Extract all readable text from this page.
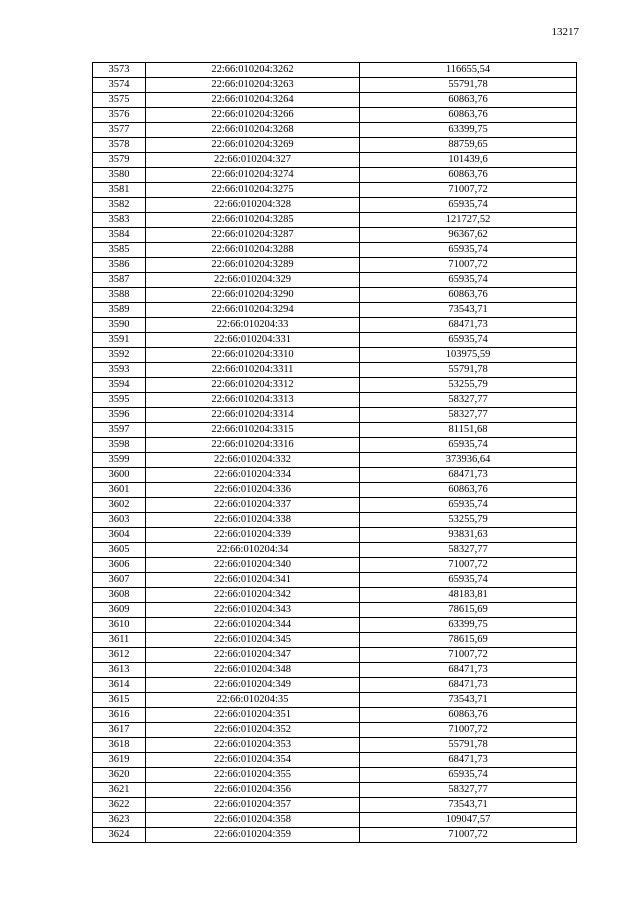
13217
3573	22:66:010204:3262	116655,54
3574	22:66:010204:3263	55791,78
3575	22:66:010204:3264	60863,76
3576	22:66:010204:3266	60863,76
3577	22:66:010204:3268	63399,75
3578	22:66:010204:3269	88759,65
3579	22:66:010204:327	101439,6
3580	22:66:010204:3274	60863,76
3581	22:66:010204:3275	71007,72
3582	22:66:010204:328	65935,74
3583	22:66:010204:3285	121727,52
3584	22:66:010204:3287	96367,62
3585	22:66:010204:3288	65935,74
3586	22:66:010204:3289	71007,72
3587	22:66:010204:329	65935,74
3588	22:66:010204:3290	60863,76
3589	22:66:010204:3294	73543,71
3590	22:66:010204:33	68471,73
3591	22:66:010204:331	65935,74
3592	22:66:010204:3310	103975,59
3593	22:66:010204:3311	55791,78
3594	22:66:010204:3312	53255,79
3595	22:66:010204:3313	58327,77
3596	22:66:010204:3314	58327,77
3597	22:66:010204:3315	81151,68
3598	22:66:010204:3316	65935,74
3599	22:66:010204:332	373936,64
3600	22:66:010204:334	68471,73
3601	22:66:010204:336	60863,76
3602	22:66:010204:337	65935,74
3603	22:66:010204:338	53255,79
3604	22:66:010204:339	93831,63
3605	22:66:010204:34	58327,77
3606	22:66:010204:340	71007,72
3607	22:66:010204:341	65935,74
3608	22:66:010204:342	48183,81
3609	22:66:010204:343	78615,69
3610	22:66:010204:344	63399,75
3611	22:66:010204:345	78615,69
3612	22:66:010204:347	71007,72
3613	22:66:010204:348	68471,73
3614	22:66:010204:349	68471,73
3615	22:66:010204:35	73543,71
3616	22:66:010204:351	60863,76
3617	22:66:010204:352	71007,72
3618	22:66:010204:353	55791,78
3619	22:66:010204:354	68471,73
3620	22:66:010204:355	65935,74
3621	22:66:010204:356	58327,77
3622	22:66:010204:357	73543,71
3623	22:66:010204:358	109047,57
3624	22:66:010204:359	71007,72
